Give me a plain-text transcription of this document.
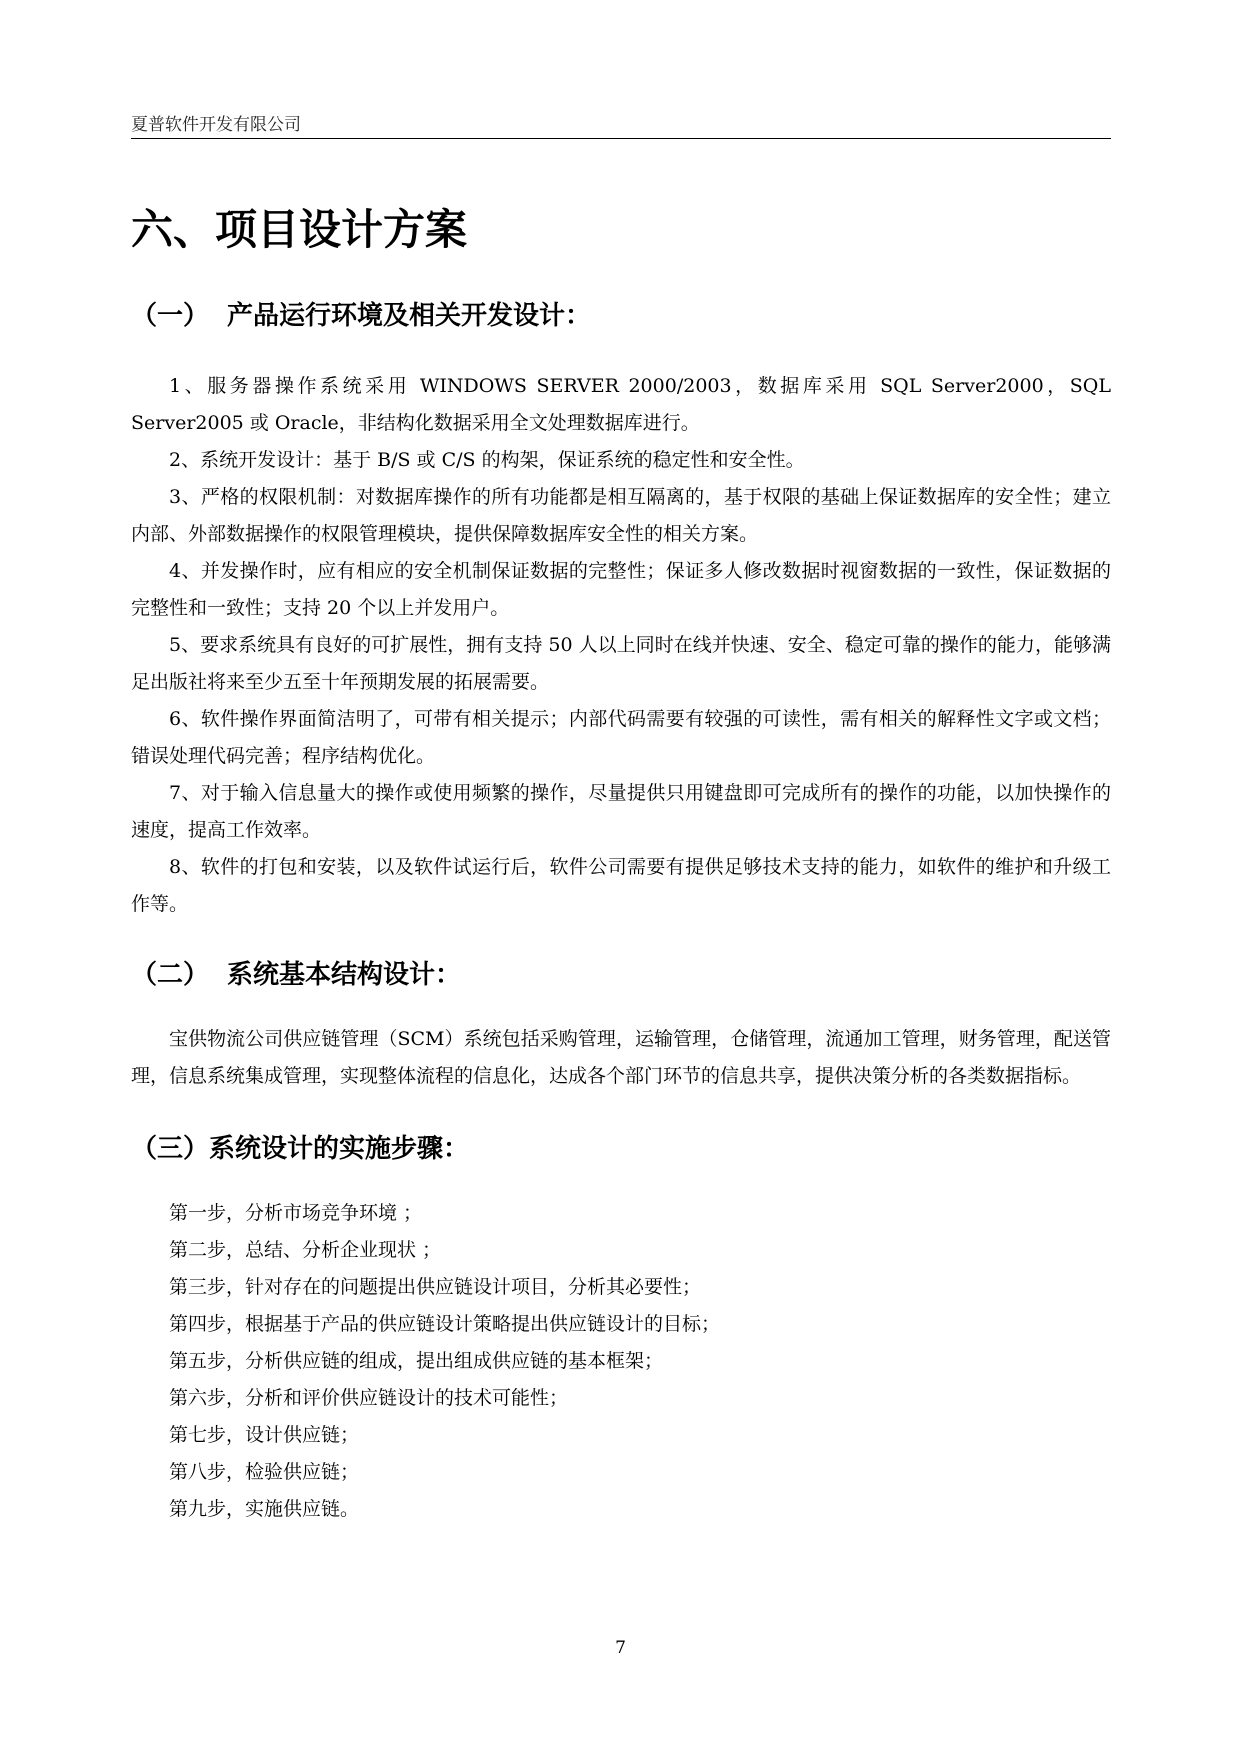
夏普软件开发有限公司
六、项目设计方案
（一） 产品运行环境及相关开发设计：

1、服务器操作系统采用 WINDOWS SERVER 2000/2003，数据库采用 SQL Server2000，SQL Server2005 或 Oracle，非结构化数据采用全文处理数据库进行。

2、系统开发设计：基于 B/S 或 C/S 的构架，保证系统的稳定性和安全性。

3、严格的权限机制：对数据库操作的所有功能都是相互隔离的，基于权限的基础上保证数据库的安全性；建立内部、外部数据操作的权限管理模块，提供保障数据库安全性的相关方案。

4、并发操作时，应有相应的安全机制保证数据的完整性；保证多人修改数据时视窗数据的一致性，保证数据的完整性和一致性；支持 20 个以上并发用户。

5、要求系统具有良好的可扩展性，拥有支持 50 人以上同时在线并快速、安全、稳定可靠的操作的能力，能够满足出版社将来至少五至十年预期发展的拓展需要。

6、软件操作界面简洁明了，可带有相关提示；内部代码需要有较强的可读性，需有相关的解释性文字或文档；错误处理代码完善；程序结构优化。

7、对于输入信息量大的操作或使用频繁的操作，尽量提供只用键盘即可完成所有的操作的功能，以加快操作的速度，提高工作效率。

8、软件的打包和安装，以及软件试运行后，软件公司需要有提供足够技术支持的能力，如软件的维护和升级工作等。

（二） 系统基本结构设计：

宝供物流公司供应链管理（SCM）系统包括采购管理，运输管理，仓储管理，流通加工管理，财务管理，配送管理，信息系统集成管理，实现整体流程的信息化，达成各个部门环节的信息共享，提供决策分析的各类数据指标。

（三）系统设计的实施步骤：

第一步，分析市场竞争环境 ；

第二步，总结、分析企业现状 ；

第三步，针对存在的问题提出供应链设计项目，分析其必要性；

第四步，根据基于产品的供应链设计策略提出供应链设计的目标；

第五步，分析供应链的组成，提出组成供应链的基本框架；

第六步，分析和评价供应链设计的技术可能性；

第七步，设计供应链；

第八步，检验供应链；

第九步，实施供应链。

7
